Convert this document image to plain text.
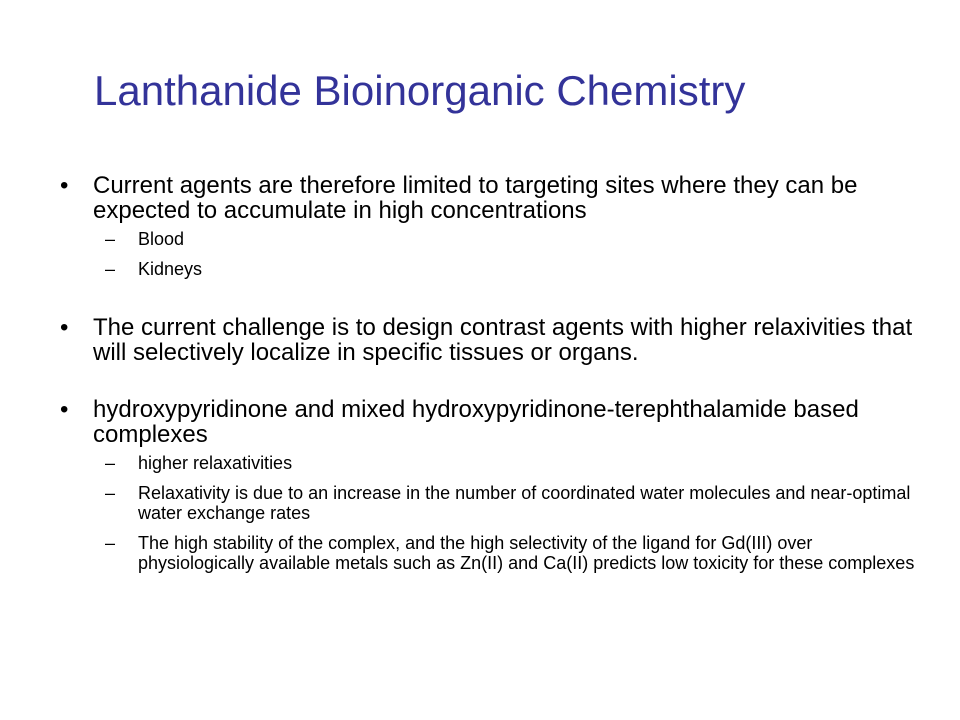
Lanthanide Bioinorganic Chemistry
•	Current agents are therefore limited to targeting sites where they can be expected to accumulate in high concentrations
– Blood
– Kidneys
•	The current challenge is to design contrast agents with higher relaxivities that will selectively localize in specific tissues or organs.
•	hydroxypyridinone and mixed hydroxypyridinone-terephthalamide based complexes
– higher relaxativities
– Relaxativity is due to an increase in the number of coordinated water molecules and near-optimal water exchange rates
– The high stability of the complex, and the high selectivity of the ligand for Gd(III) over physiologically available metals such as Zn(II) and Ca(II) predicts low toxicity for these complexes
